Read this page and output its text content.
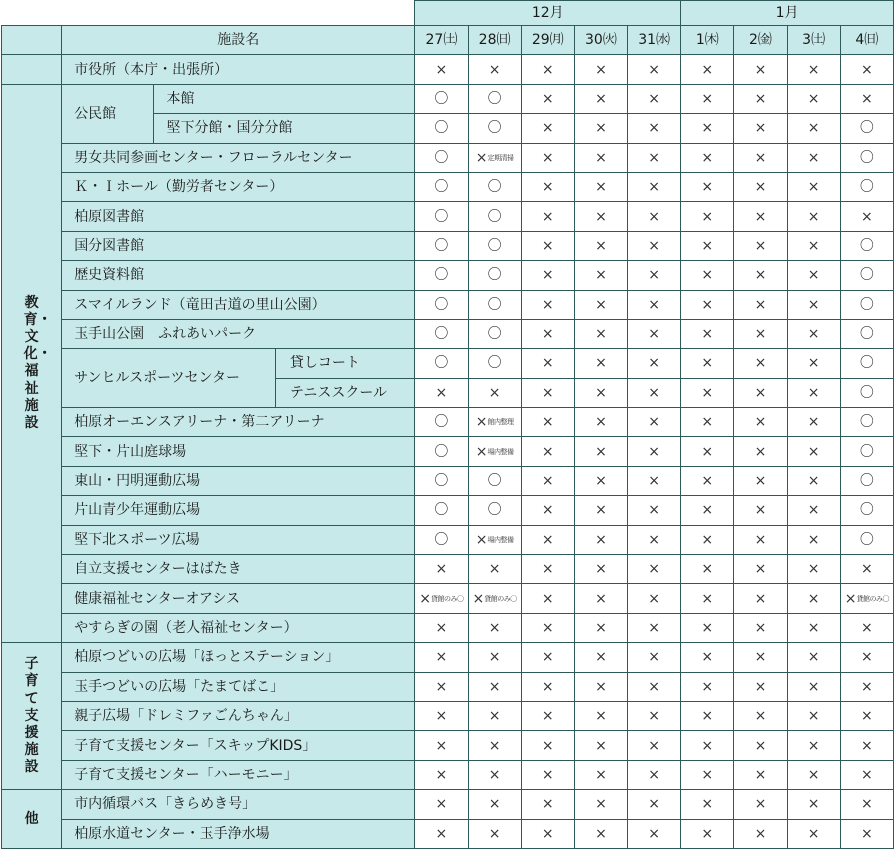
				12月					1月			
	施設名			27㈯	28㈰	29㈪	30㈫	31㈬	1㈭	2㈮	3㈯	4㈰
	市役所（本庁・出張所）			×	×	×	×	×	×	×	×	×
教育・文化・福祉施設	公民館	本館		〇	〇	×	×	×	×	×	×	×
		堅下分館・国分分館		〇	〇	×	×	×	×	×	×	〇
	男女共同参画センター・フローラルセンター			〇	×定期清掃	×	×	×	×	×	×	〇
	Ｋ・Ｉホール（勤労者センター）			〇	〇	×	×	×	×	×	×	〇
	柏原図書館			〇	〇	×	×	×	×	×	×	×
	国分図書館			〇	〇	×	×	×	×	×	×	〇
	歴史資料館			〇	〇	×	×	×	×	×	×	〇
	スマイルランド（竜田古道の里山公園）			〇	〇	×	×	×	×	×	×	〇
	玉手山公園　ふれあいパーク			〇	〇	×	×	×	×	×	×	〇
	サンヒルスポーツセンター		貸しコート	〇	〇	×	×	×	×	×	×	〇
			テニススクール	×	×	×	×	×	×	×	×	〇
	柏原オーエンスアリーナ・第二アリーナ			〇	×館内整理	×	×	×	×	×	×	〇
	堅下・片山庭球場			〇	×場内整備	×	×	×	×	×	×	〇
	東山・円明運動広場			〇	〇	×	×	×	×	×	×	〇
	片山青少年運動広場			〇	〇	×	×	×	×	×	×	〇
	堅下北スポーツ広場			〇	×場内整備	×	×	×	×	×	×	〇
	自立支援センターはばたき			×	×	×	×	×	×	×	×	×
	健康福祉センターオアシス			×貸館のみ〇	×貸館のみ〇	×	×	×	×	×	×	×貸館のみ〇
	やすらぎの園（老人福祉センター）			×	×	×	×	×	×	×	×	×
子育て支援施設	柏原つどいの広場「ほっとステーション」			×	×	×	×	×	×	×	×	×
	玉手つどいの広場「たまてばこ」			×	×	×	×	×	×	×	×	×
	親子広場「ドレミファごんちゃん」			×	×	×	×	×	×	×	×	×
	子育て支援センター「スキップKIDS」			×	×	×	×	×	×	×	×	×
	子育て支援センター「ハーモニー」			×	×	×	×	×	×	×	×	×
他	市内循環バス「きらめき号」			×	×	×	×	×	×	×	×	×
	柏原水道センター・玉手浄水場			×	×	×	×	×	×	×	×	×
